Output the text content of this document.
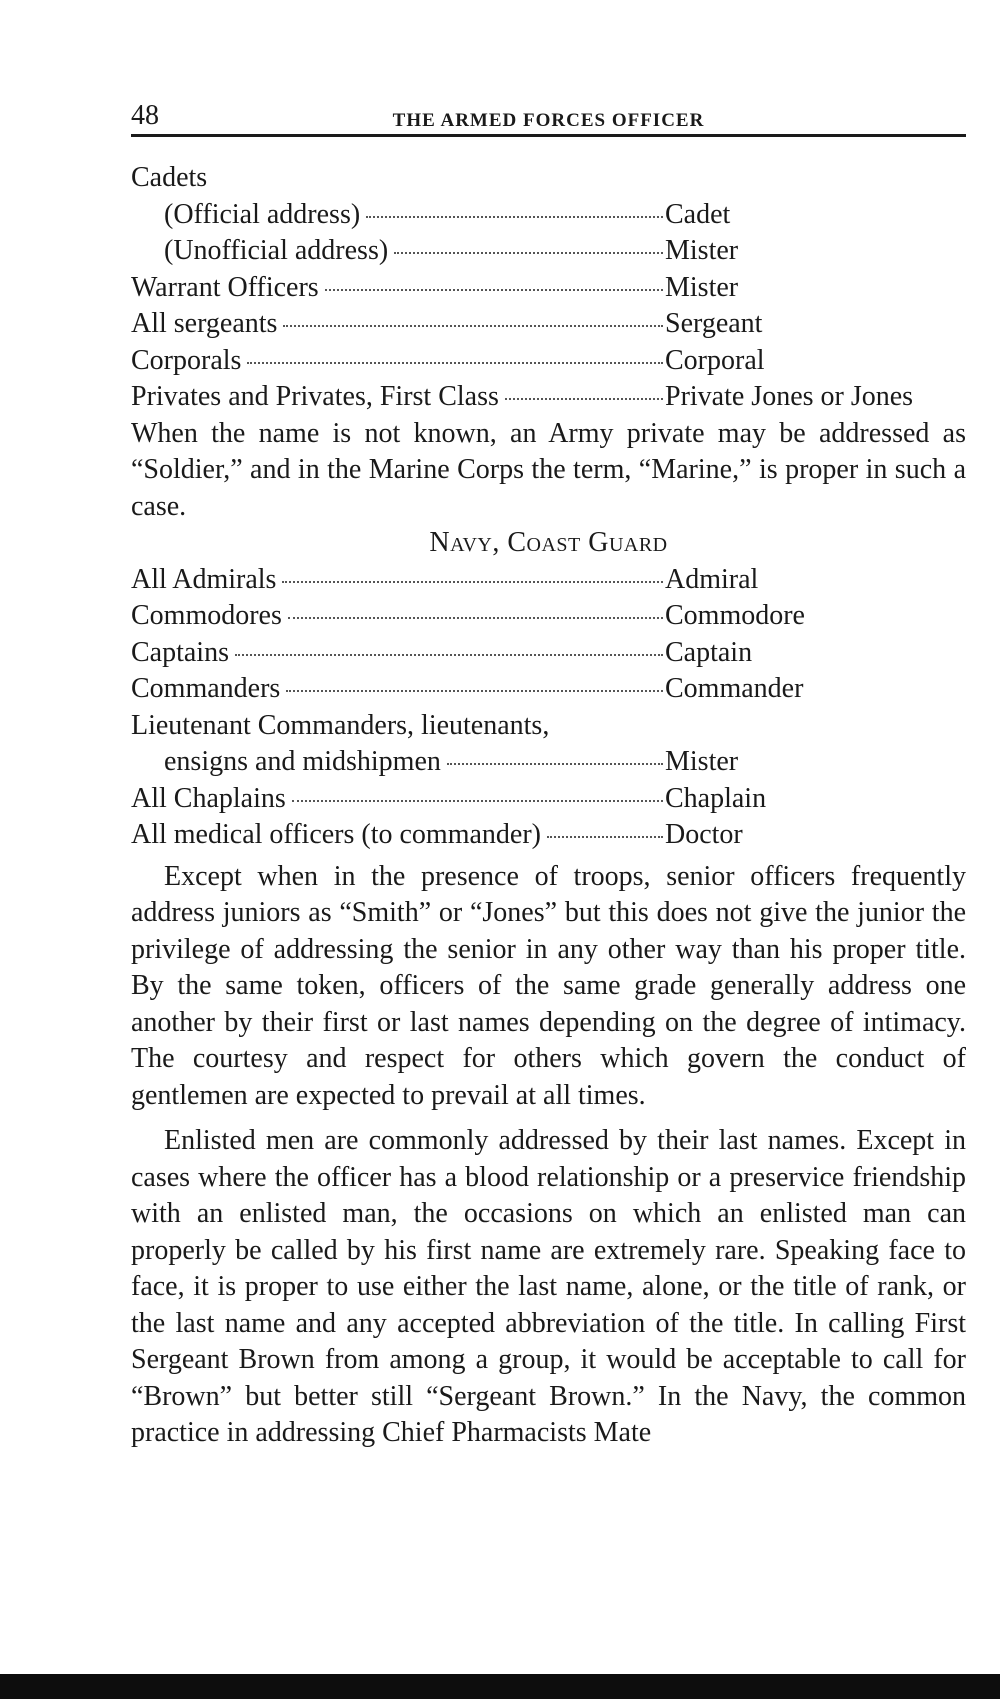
48	THE ARMED FORCES OFFICER
Cadets
(Official address)	Cadet
(Unofficial address)	Mister
Warrant Officers	Mister
All sergeants	Sergeant
Corporals	Corporal
Privates and Privates, First Class	Private Jones or Jones

When the name is not known, an Army private may be addressed as “Soldier,” and in the Marine Corps the term, “Marine,” is proper in such a case.

Navy, Coast Guard
All Admirals	Admiral
Commodores	Commodore
Captains	Captain
Commanders	Commander
Lieutenant Commanders, lieutenants,
ensigns and midshipmen	Mister
All Chaplains	Chaplain
All medical officers (to commander)	Doctor

Except when in the presence of troops, senior officers frequently address juniors as “Smith” or “Jones” but this does not give the junior the privilege of addressing the senior in any other way than his proper title. By the same token, officers of the same grade generally address one another by their first or last names depending on the degree of intimacy. The courtesy and respect for others which govern the conduct of gentlemen are expected to prevail at all times.

Enlisted men are commonly addressed by their last names. Except in cases where the officer has a blood relationship or a preservice friendship with an enlisted man, the occasions on which an enlisted man can properly be called by his first name are extremely rare. Speaking face to face, it is proper to use either the last name, alone, or the title of rank, or the last name and any accepted abbreviation of the title. In calling First Sergeant Brown from among a group, it would be acceptable to call for “Brown” but better still “Sergeant Brown.” In the Navy, the common practice in addressing Chief Pharmacists Mate
